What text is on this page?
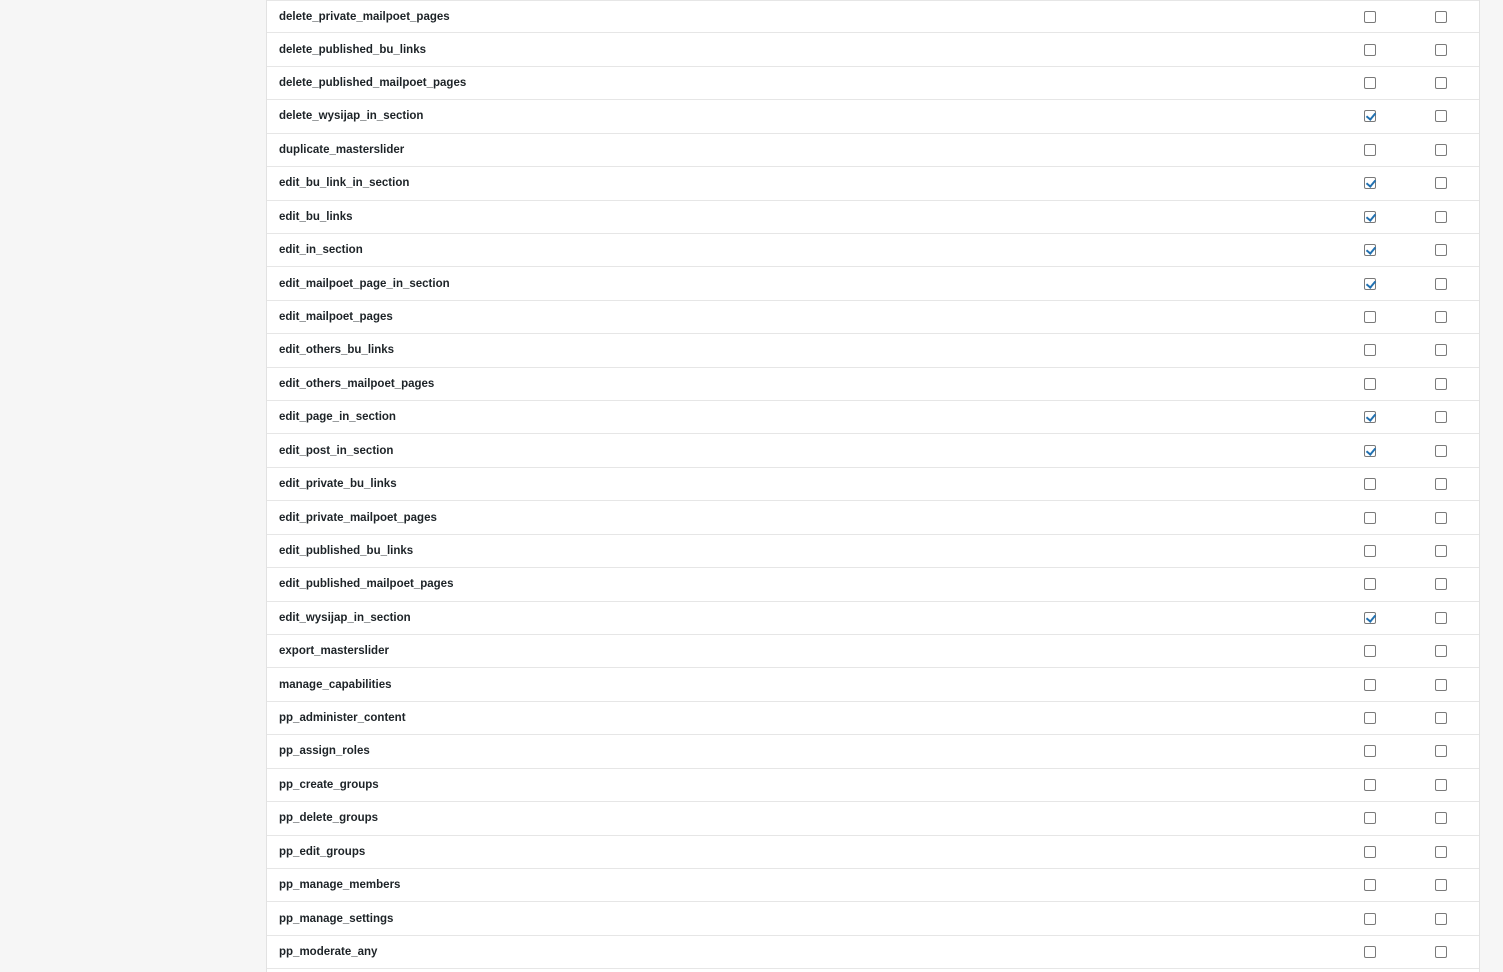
delete_private_mailpoet_pages
delete_published_bu_links
delete_published_mailpoet_pages
delete_wysijap_in_section
duplicate_masterslider
edit_bu_link_in_section
edit_bu_links
edit_in_section
edit_mailpoet_page_in_section
edit_mailpoet_pages
edit_others_bu_links
edit_others_mailpoet_pages
edit_page_in_section
edit_post_in_section
edit_private_bu_links
edit_private_mailpoet_pages
edit_published_bu_links
edit_published_mailpoet_pages
edit_wysijap_in_section
export_masterslider
manage_capabilities
pp_administer_content
pp_assign_roles
pp_create_groups
pp_delete_groups
pp_edit_groups
pp_manage_members
pp_manage_settings
pp_moderate_any
